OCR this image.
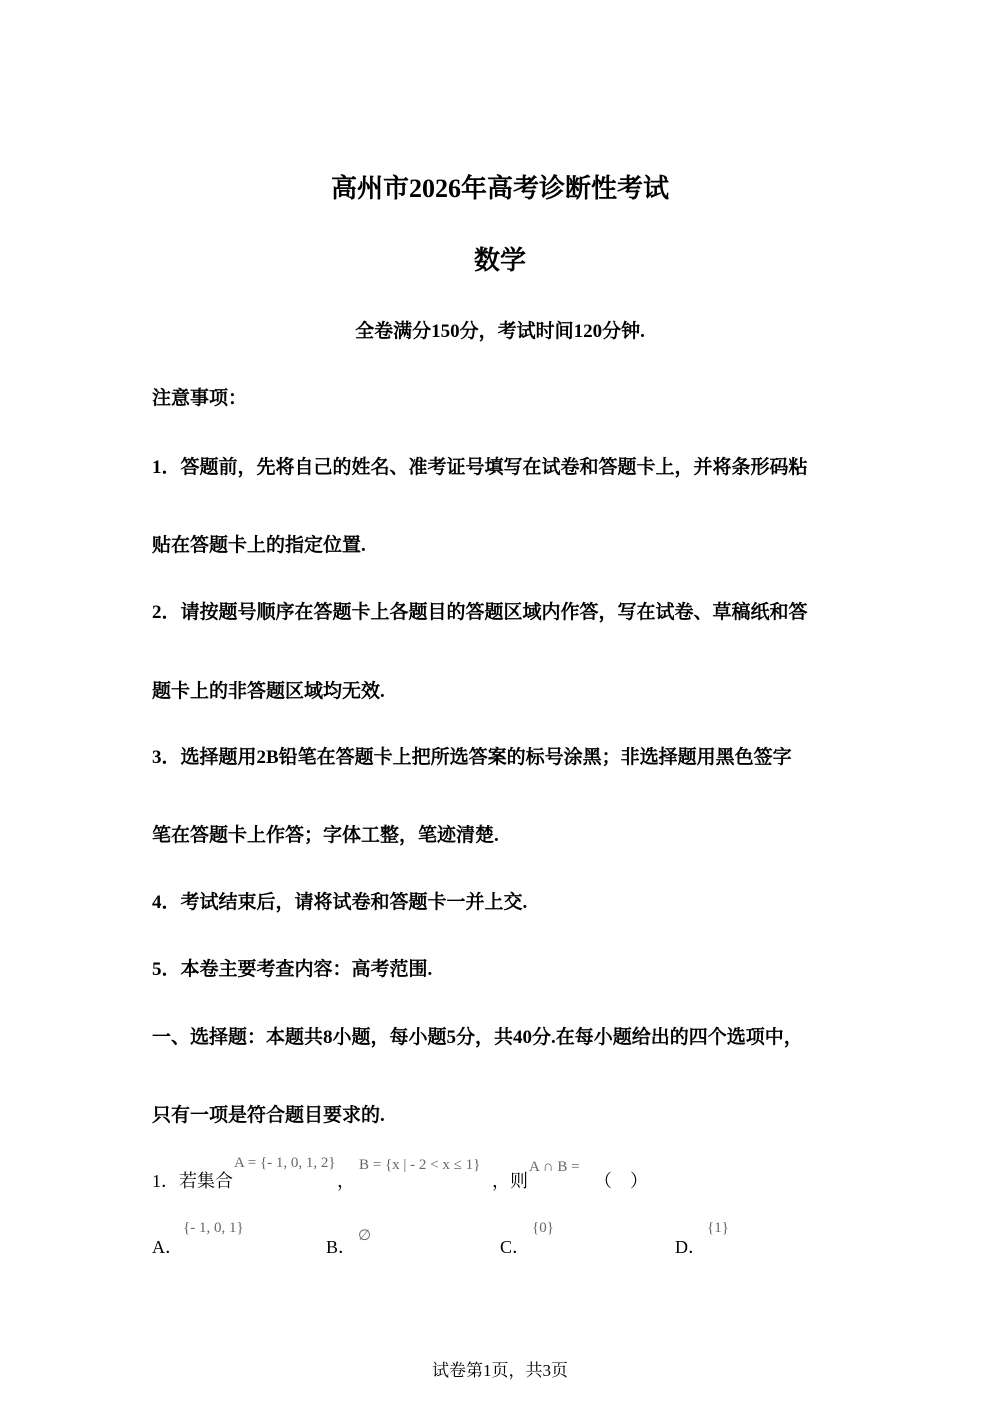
高州市2026年高考诊断性考试
数学
全卷满分150分，考试时间120分钟.
注意事项：
1．答题前，先将自己的姓名、准考证号填写在试卷和答题卡上，并将条形码粘
贴在答题卡上的指定位置.
2．请按题号顺序在答题卡上各题目的答题区域内作答，写在试卷、草稿纸和答
题卡上的非答题区域均无效.
3．选择题用2B铅笔在答题卡上把所选答案的标号涂黑；非选择题用黑色签字
笔在答题卡上作答；字体工整，笔迹清楚.
4．考试结束后，请将试卷和答题卡一并上交.
5．本卷主要考查内容：高考范围.
一、选择题：本题共8小题，每小题5分，共40分.在每小题给出的四个选项中，
只有一项是符合题目要求的.
1．若集合
A = {- 1, 0, 1, 2}
，
B = {x | - 2 < x ≤ 1}
，则
A ∩ B =
（　）
A．
{- 1, 0, 1}
B．
∅
C．
{0}
D．
{1}
试卷第1页，共3页
